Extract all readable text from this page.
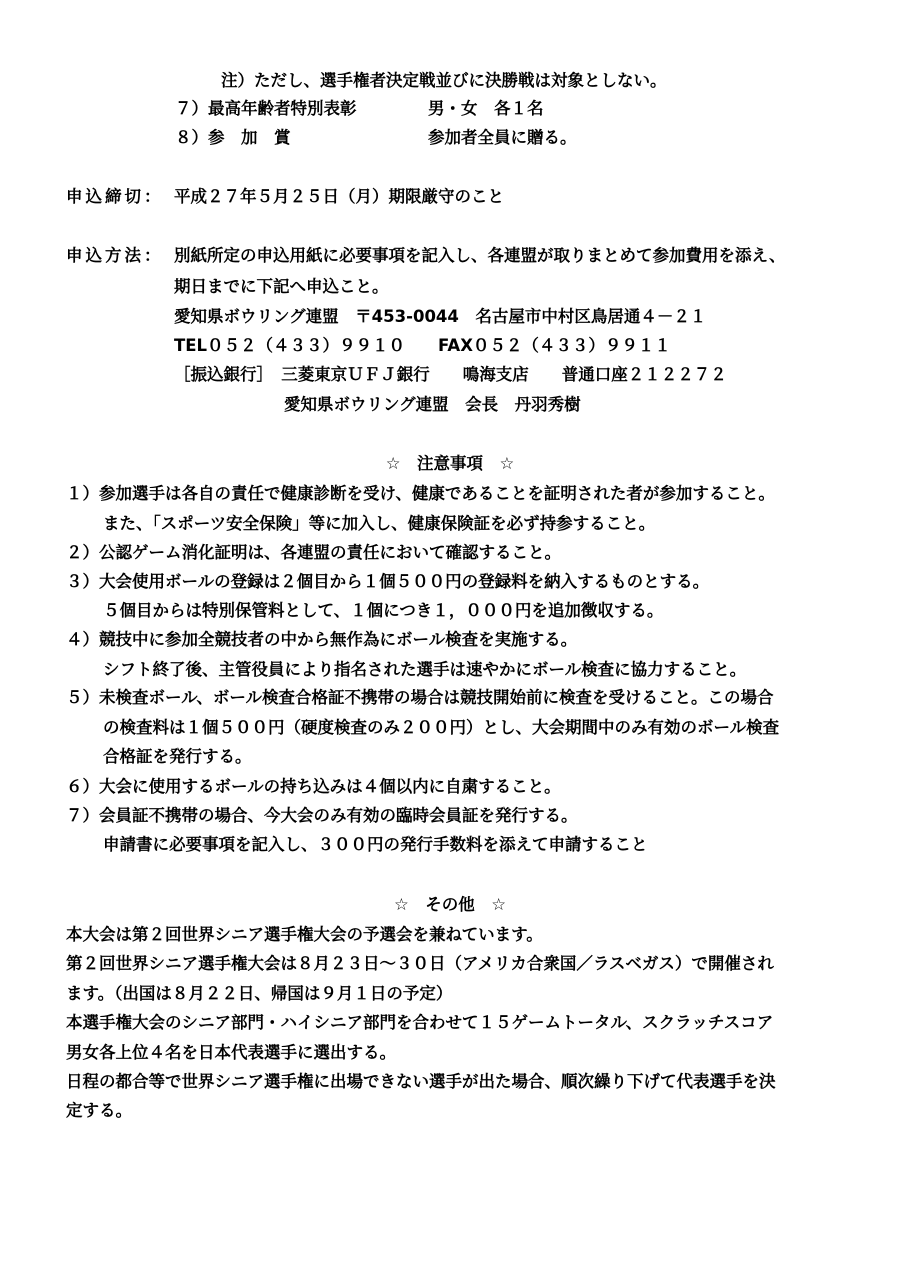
注）ただし、選手権者決定戦並びに決勝戦は対象としない。
７）最高年齢者特別表彰	男・女　各１名
８）参　加　賞	参加者全員に贈る。
申込締切： 平成２７年５月２５日（月）期限厳守のこと
申込方法： 別紙所定の申込用紙に必要事項を記入し、各連盟が取りまとめて参加費用を添え、
期日までに下記へ申込こと。
愛知県ボウリング連盟　〒453-0044　名古屋市中村区鳥居通４－２１
TEL０５２（４３３）９９１０　　FAX０５２（４３３）９９１１
［振込銀行］　三菱東京ＵＦＪ銀行　　鳴海支店　　普通口座２１２２７２
愛知県ボウリング連盟　会長　丹羽秀樹
☆　注意事項　☆
１）参加選手は各自の責任で健康診断を受け、健康であることを証明された者が参加すること。
また、「スポーツ安全保険」等に加入し、健康保険証を必ず持参すること。
２）公認ゲーム消化証明は、各連盟の責任において確認すること。
３）大会使用ボールの登録は２個目から１個５００円の登録料を納入するものとする。
５個目からは特別保管料として、１個につき１，０００円を追加徴収する。
４）競技中に参加全競技者の中から無作為にボール検査を実施する。
シフト終了後、主管役員により指名された選手は速やかにボール検査に協力すること。
５）未検査ボール、ボール検査合格証不携帯の場合は競技開始前に検査を受けること。この場合
の検査料は１個５００円（硬度検査のみ２００円）とし、大会期間中のみ有効のボール検査
合格証を発行する。
６）大会に使用するボールの持ち込みは４個以内に自粛すること。
７）会員証不携帯の場合、今大会のみ有効の臨時会員証を発行する。
申請書に必要事項を記入し、３００円の発行手数料を添えて申請すること
☆　その他　☆
本大会は第２回世界シニア選手権大会の予選会を兼ねています。
第２回世界シニア選手権大会は８月２３日～３０日（アメリカ合衆国／ラスベガス）で開催され
ます。（出国は８月２２日、帰国は９月１日の予定）
本選手権大会のシニア部門・ハイシニア部門を合わせて１５ゲームトータル、スクラッチスコア
男女各上位４名を日本代表選手に選出する。
日程の都合等で世界シニア選手権に出場できない選手が出た場合、順次繰り下げて代表選手を決
定する。
